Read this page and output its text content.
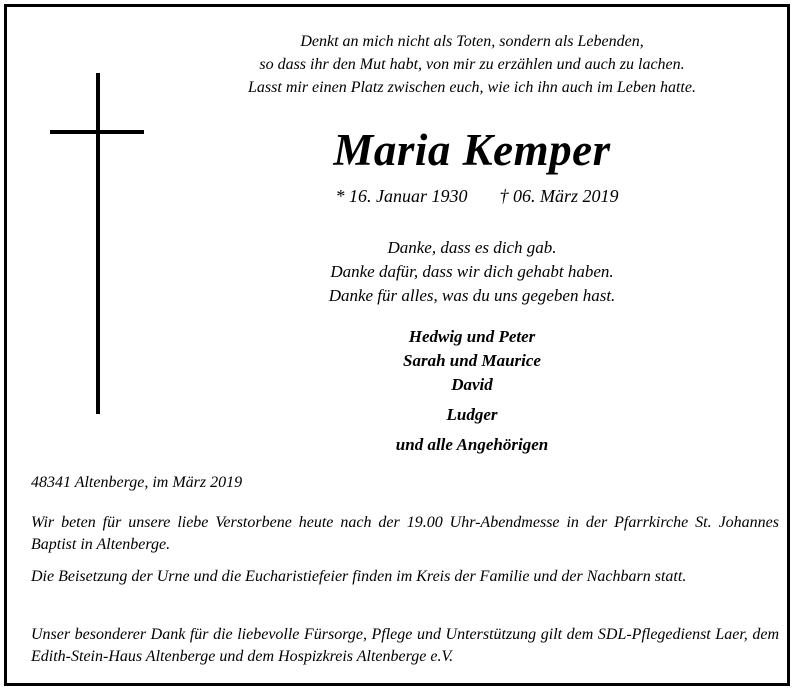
Denkt an mich nicht als Toten, sondern als Lebenden,
so dass ihr den Mut habt, von mir zu erzählen und auch zu lachen.
Lasst mir einen Platz zwischen euch, wie ich ihn auch im Leben hatte.
Maria Kemper
* 16. Januar 1930 † 06. März 2019
Danke, dass es dich gab.
Danke dafür, dass wir dich gehabt haben.
Danke für alles, was du uns gegeben hast.
Hedwig und Peter
Sarah und Maurice
David
Ludger
und alle Angehörigen
48341 Altenberge, im März 2019
Wir beten für unsere liebe Verstorbene heute nach der 19.00 Uhr-Abendmesse in der Pfarrkirche St. Johannes Baptist in Altenberge.
Die Beisetzung der Urne und die Eucharistiefeier finden im Kreis der Familie und der Nachbarn statt.
Unser besonderer Dank für die liebevolle Fürsorge, Pflege und Unterstützung gilt dem SDL-Pflegedienst Laer, dem Edith-Stein-Haus Altenberge und dem Hospizkreis Altenberge e.V.
